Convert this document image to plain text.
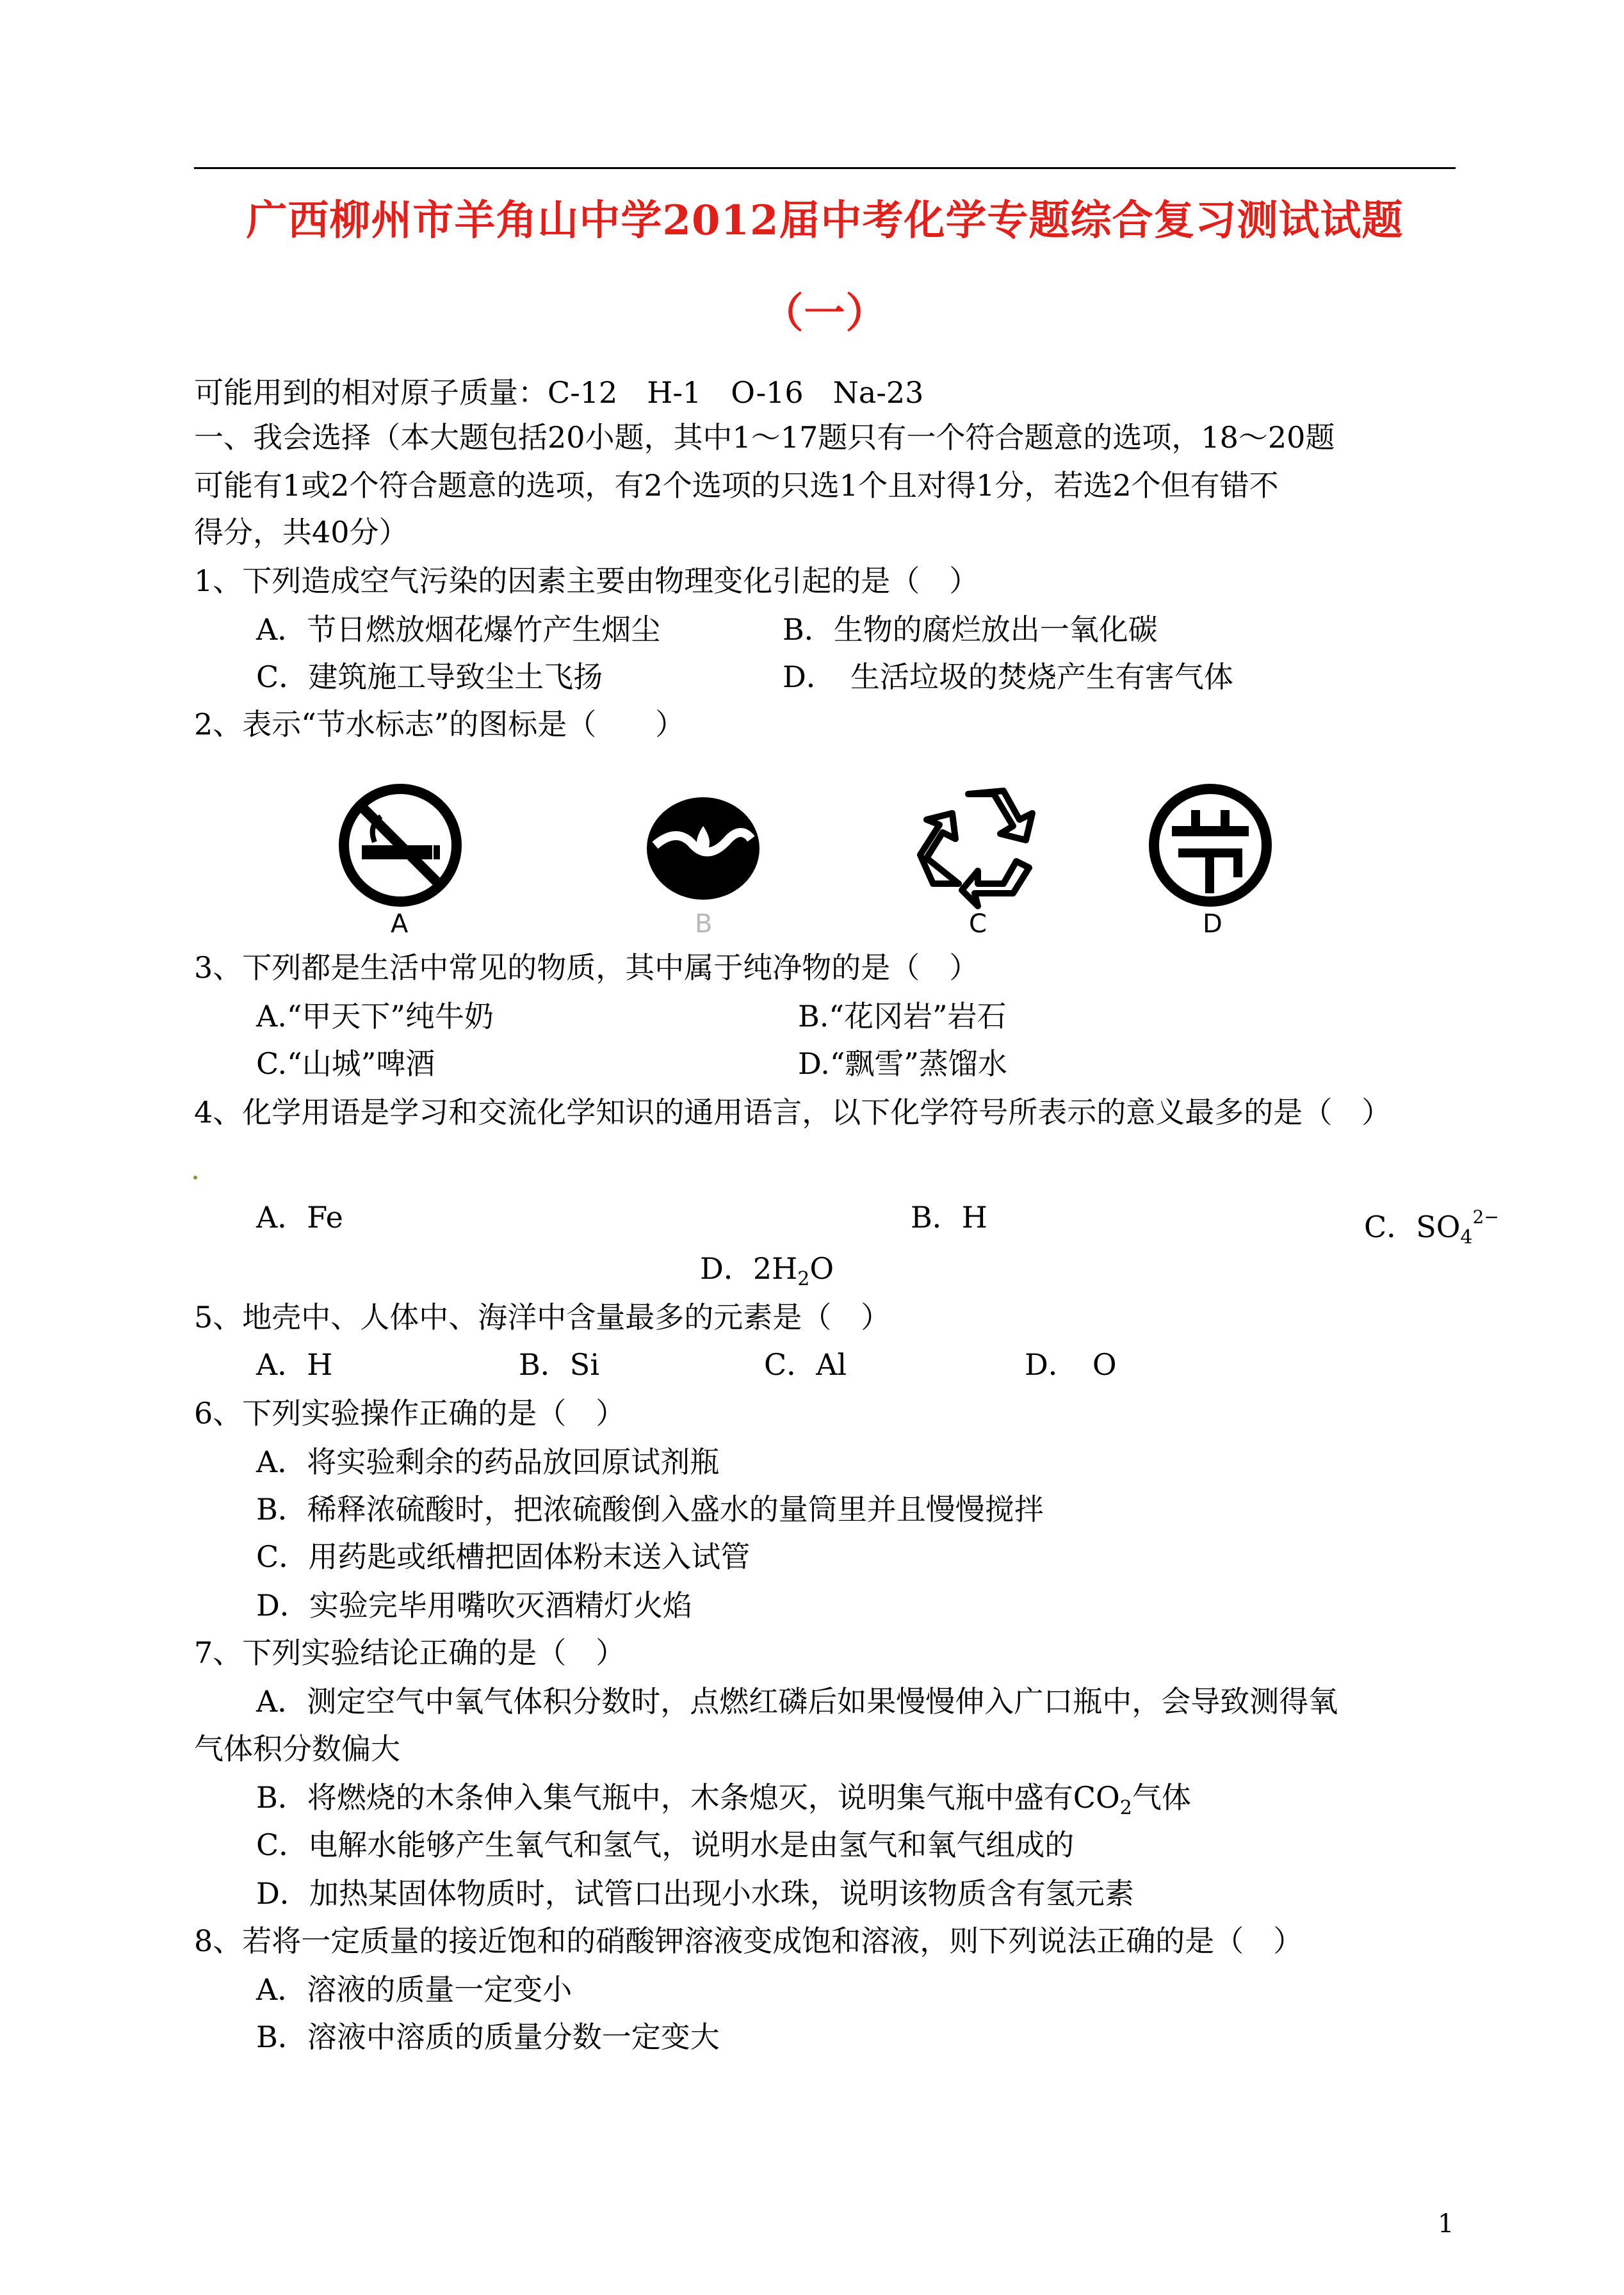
广西柳州市羊角山中学2012届中考化学专题综合复习测试试题
（一）
可能用到的相对原子质量：C-12　H-1　O-16　Na-23
一、我会选择（本大题包括20小题，其中1～17题只有一个符合题意的选项，18～20题
可能有1或2个符合题意的选项，有2个选项的只选1个且对得1分，若选2个但有错不
得分，共40分）
1、下列造成空气污染的因素主要由物理变化引起的是（　）
A．节日燃放烟花爆竹产生烟尘	B．生物的腐烂放出一氧化碳
C．建筑施工导致尘土飞扬	D．　生活垃圾的焚烧产生有害气体
2、表示“节水标志”的图标是（　　）
A	B	C	D
3、下列都是生活中常见的物质，其中属于纯净物的是（　）
A.“甲天下”纯牛奶	B.“花冈岩”岩石
C.“山城”啤酒	D.“飘雪”蒸馏水
4、化学用语是学习和交流化学知识的通用语言，以下化学符号所表示的意义最多的是（　）
A．Fe	B．H	C．$SO_4^{2-}$
D．$2H_2O$
5、地壳中、人体中、海洋中含量最多的元素是（　）
A．H	B．Si	C．Al	D．　O
6、下列实验操作正确的是（　）
A．将实验剩余的药品放回原试剂瓶
B．稀释浓硫酸时，把浓硫酸倒入盛水的量筒里并且慢慢搅拌
C．用药匙或纸槽把固体粉末送入试管
D．实验完毕用嘴吹灭酒精灯火焰
7、下列实验结论正确的是（　）
A．测定空气中氧气体积分数时，点燃红磷后如果慢慢伸入广口瓶中，会导致测得氧
气体积分数偏大
B．将燃烧的木条伸入集气瓶中，木条熄灭，说明集气瓶中盛有$CO_2$气体
C．电解水能够产生氧气和氢气，说明水是由氢气和氧气组成的
D．加热某固体物质时，试管口出现小水珠，说明该物质含有氢元素
8、若将一定质量的接近饱和的硝酸钾溶液变成饱和溶液，则下列说法正确的是（　）
A．溶液的质量一定变小
B．溶液中溶质的质量分数一定变大
1
